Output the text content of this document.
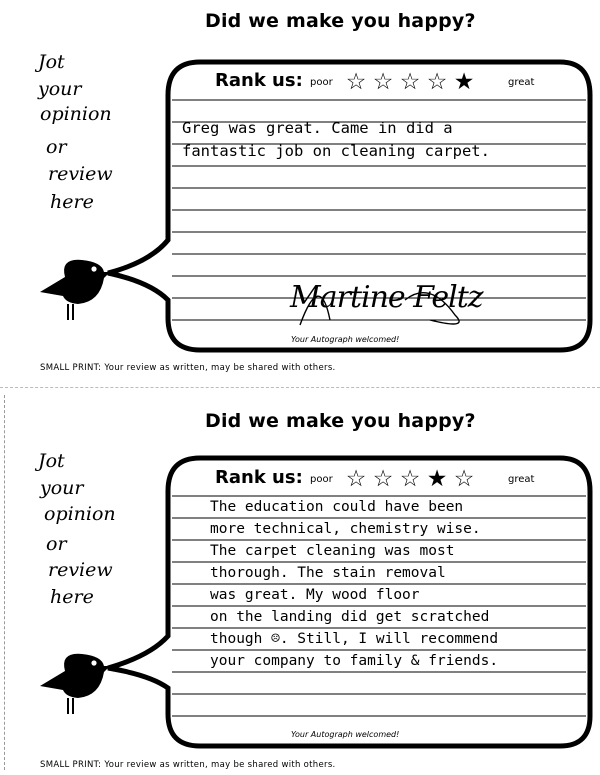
Did we make you happy?
Jot
your
opinion
or
review
here
Rank us: poor ☆ ☆ ☆ ☆ ★	great
Greg was great. Came in did a
fantastic job on cleaning carpet.
Martine Feltz
Your Autograph welcomed!
SMALL PRINT: Your review as written, may be shared with others.
Did we make you happy?
Jot
your
opinion
or
review
here
Rank us: poor ☆ ☆ ☆ ★ ☆	great
The education could have been
more technical, chemistry wise.
The carpet cleaning was most
thorough. The stain removal
was great. My wood floor
on the landing did get scratched
though ☹. Still, I will recommend
your company to family & friends.
Your Autograph welcomed!
SMALL PRINT: Your review as written, may be shared with others.
